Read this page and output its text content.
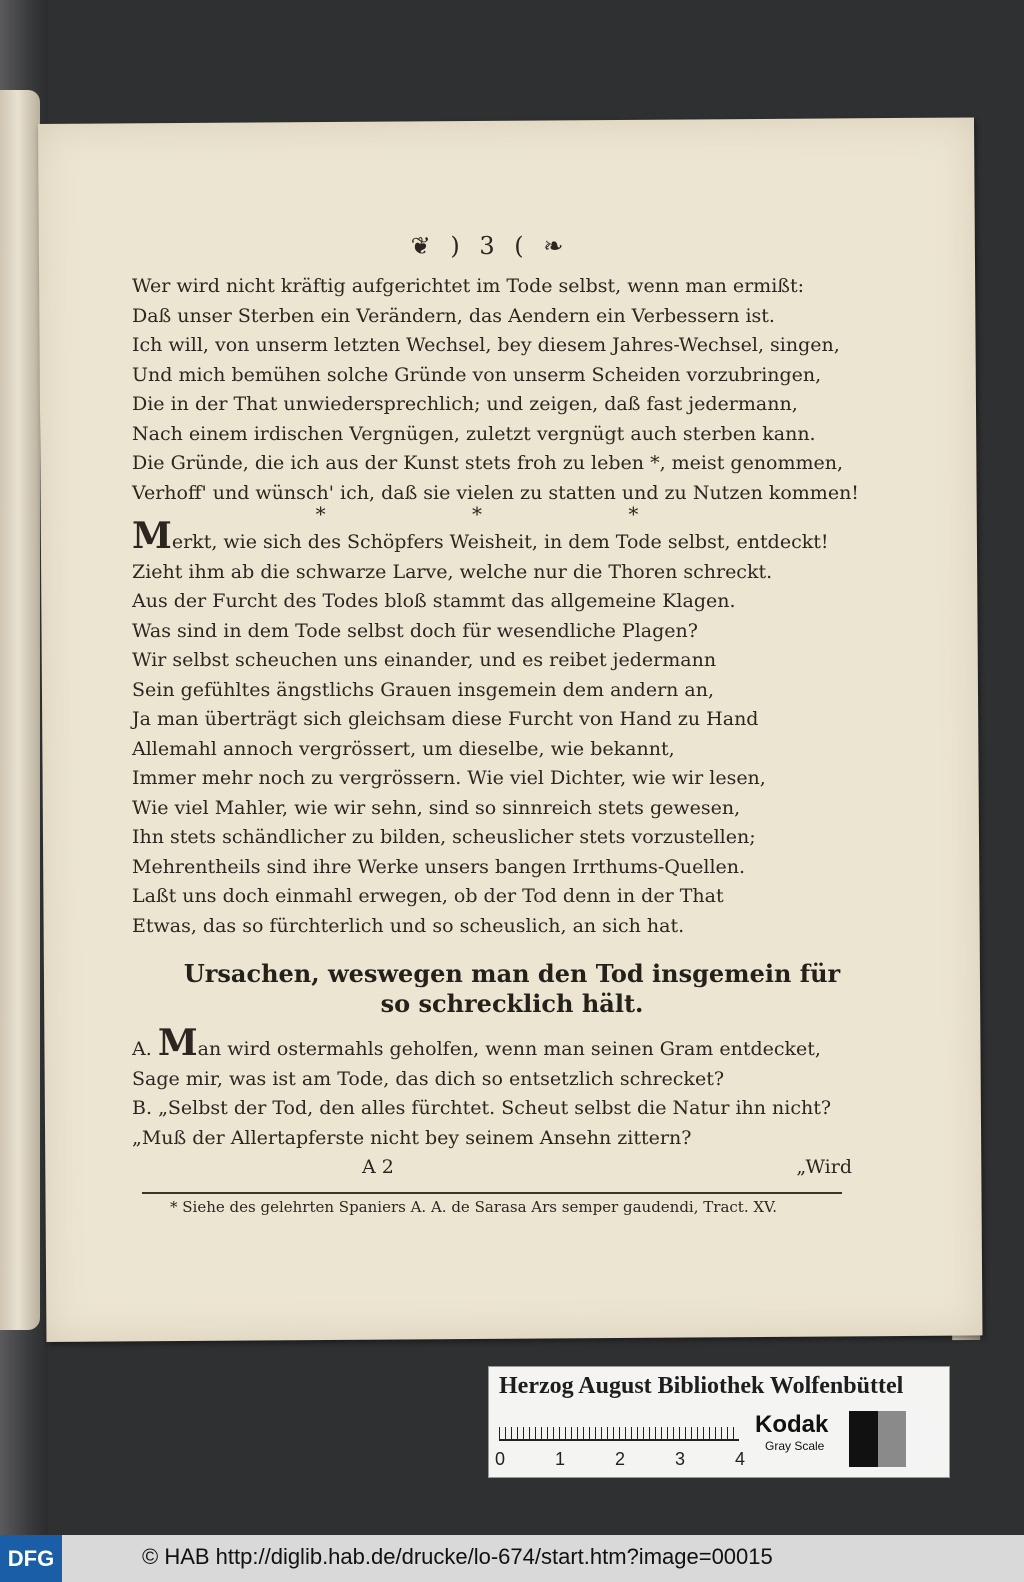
❦ ) 3 ( ❧
Wer wird nicht kräftig aufgerichtet im Tode selbst, wenn man ermißt:
Daß unser Sterben ein Verändern, das Aendern ein Verbessern ist.
Ich will, von unserm letzten Wechsel, bey diesem Jahres-Wechsel, singen,
Und mich bemühen solche Gründe von unserm Scheiden vorzubringen,
Die in der That unwiedersprechlich; und zeigen, daß fast jedermann,
Nach einem irdischen Vergnügen, zuletzt vergnügt auch sterben kann.
Die Gründe, die ich aus der Kunst stets froh zu leben *, meist genommen,
Verhoff' und wünsch' ich, daß sie vielen zu statten und zu Nutzen kommen!
* * *
Merkt, wie sich des Schöpfers Weisheit, in dem Tode selbst, entdeckt!
Zieht ihm ab die schwarze Larve, welche nur die Thoren schreckt.
Aus der Furcht des Todes bloß stammt das allgemeine Klagen.
Was sind in dem Tode selbst doch für wesendliche Plagen?
Wir selbst scheuchen uns einander, und es reibet jedermann
Sein gefühltes ängstlichs Grauen insgemein dem andern an,
Ja man überträgt sich gleichsam diese Furcht von Hand zu Hand
Allemahl annoch vergrössert, um dieselbe, wie bekannt,
Immer mehr noch zu vergrössern. Wie viel Dichter, wie wir lesen,
Wie viel Mahler, wie wir sehn, sind so sinnreich stets gewesen,
Ihn stets schändlicher zu bilden, scheuslicher stets vorzustellen;
Mehrentheils sind ihre Werke unsers bangen Irrthums-Quellen.
Laßt uns doch einmahl erwegen, ob der Tod denn in der That
Etwas, das so fürchterlich und so scheuslich, an sich hat.
Ursachen, weswegen man den Tod insgemein für
so schrecklich hält.
A. Man wird ostermahls geholfen, wenn man seinen Gram entdecket,
Sage mir, was ist am Tode, das dich so entsetzlich schrecket?
B. „Selbst der Tod, den alles fürchtet. Scheut selbst die Natur ihn nicht?
„Muß der Allertapferste nicht bey seinem Ansehn zittern?
A 2	„Wird
* Siehe des gelehrten Spaniers A. A. de Sarasa Ars semper gaudendi, Tract. XV.
Herzog August Bibliothek Wolfenbüttel
0	1	2	3	4
Kodak
Gray Scale
DFG	© HAB http://diglib.hab.de/drucke/lo-674/start.htm?image=00015
